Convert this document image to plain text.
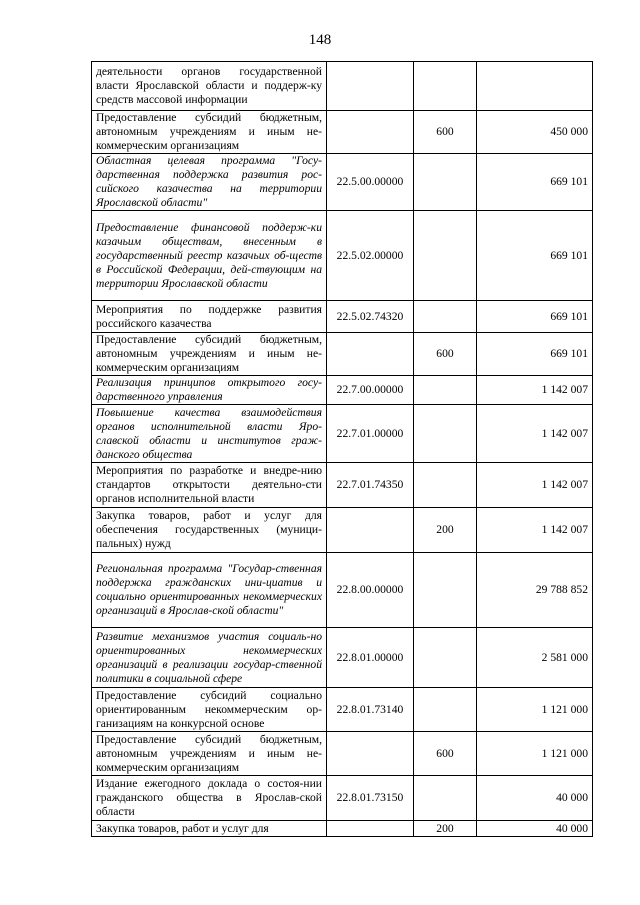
148
деятельности органов государственной власти Ярославской области и поддерж-ку средств массовой информации			
Предоставление субсидий бюджетным, автономным учреждениям и иным не-коммерческим организациям		600	450 000
Областная целевая программа "Госу-дарственная поддержка развития рос-сийского казачества на территории Ярославской области"	22.5.00.00000		669 101
Предоставление финансовой поддерж-ки казачьим обществам, внесенным в государственный реестр казачьих об-ществ в Российской Федерации, дей-ствующим на территории Ярославской области	22.5.02.00000		669 101
Мероприятия по поддержке развития российского казачества	22.5.02.74320		669 101
Предоставление субсидий бюджетным, автономным учреждениям и иным не-коммерческим организациям		600	669 101
Реализация принципов открытого госу-дарственного управления	22.7.00.00000		1 142 007
Повышение качества взаимодействия органов исполнительной власти Яро-славской области и институтов граж-данского общества	22.7.01.00000		1 142 007
Мероприятия по разработке и внедре-нию стандартов открытости деятельно-сти органов исполнительной власти	22.7.01.74350		1 142 007
Закупка товаров, работ и услуг для обеспечения государственных (муници-пальных) нужд		200	1 142 007
Региональная программа "Государ-ственная поддержка гражданских ини-циатив и социально ориентированных некоммерческих организаций в Ярослав-ской области"	22.8.00.00000		29 788 852
Развитие механизмов участия социаль-но ориентированных некоммерческих организаций в реализации государ-ственной политики в социальной сфере	22.8.01.00000		2 581 000
Предоставление субсидий социально ориентированным некоммерческим ор-ганизациям на конкурсной основе	22.8.01.73140		1 121 000
Предоставление субсидий бюджетным, автономным учреждениям и иным не-коммерческим организациям		600	1 121 000
Издание ежегодного доклада о состоя-нии гражданского общества в Ярослав-ской области	22.8.01.73150		40 000
Закупка товаров, работ и услуг для		200	40 000
